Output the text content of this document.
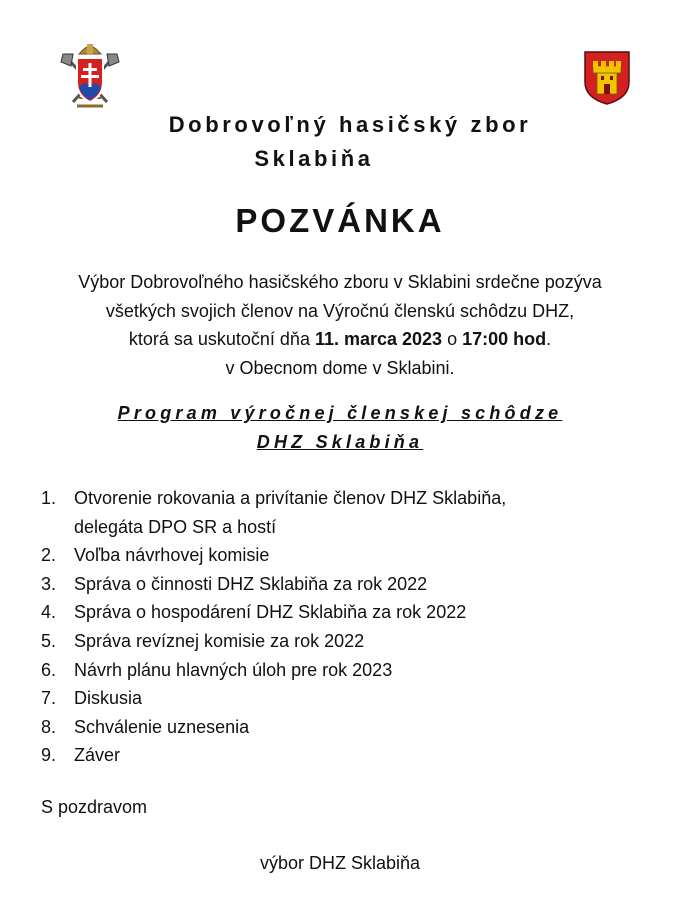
Dobrovoľný hasičský zbor
Sklabiňa
POZVÁNKA

Výbor Dobrovoľného hasičského zboru v Sklabini srdečne pozýva

všetkých svojich členov na Výročnú členskú schôdzu DHZ,

ktorá sa uskutoční dňa 11. marca 2023 o 17:00 hod.

v Obecnom dome v Sklabini.

Program výročnej členskej schôdze

DHZ Sklabiňa

1. Otvorenie rokovania a privítanie členov DHZ Sklabiňa,
delegáta DPO SR a hostí
2. Voľba návrhovej komisie
3. Správa o činnosti DHZ Sklabiňa za rok 2022
4. Správa o hospodárení DHZ Sklabiňa za rok 2022
5. Správa revíznej komisie za rok 2022
6. Návrh plánu hlavných úloh pre rok 2023
7. Diskusia
8. Schválenie uznesenia
9. Záver
S pozdravom
výbor DHZ Sklabiňa
